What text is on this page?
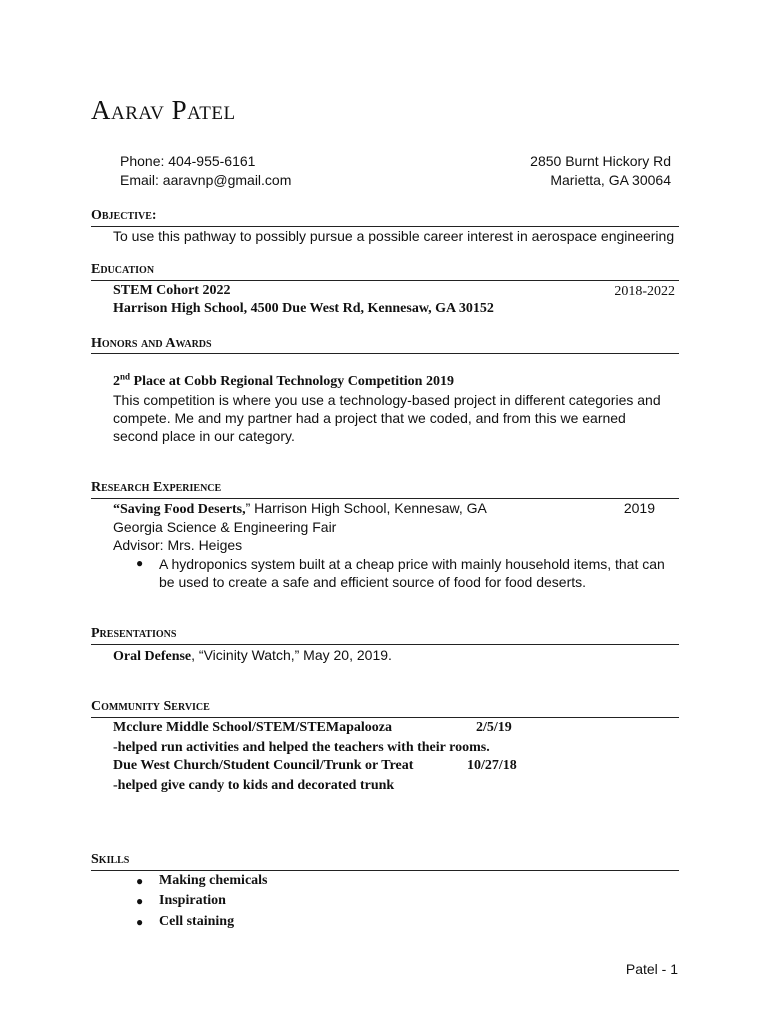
Aarav Patel
Phone: 404-955-6161
Email: aaravnp@gmail.com
2850 Burnt Hickory Rd
Marietta, GA 30064
Objective:
To use this pathway to possibly pursue a possible career interest in aerospace engineering
Education
STEM Cohort 2022	2018-2022
Harrison High School, 4500 Due West Rd, Kennesaw, GA 30152
Honors and Awards
2nd Place at Cobb Regional Technology Competition 2019
This competition is where you use a technology-based project in different categories and compete. Me and my partner had a project that we coded, and from this we earned second place in our category.
Research Experience
“Saving Food Deserts,” Harrison High School, Kennesaw, GA	2019
Georgia Science & Engineering Fair
Advisor: Mrs. Heiges
● A hydroponics system built at a cheap price with mainly household items, that can be used to create a safe and efficient source of food for food deserts.
Presentations
Oral Defense, “Vicinity Watch,” May 20, 2019.
Community Service
Mcclure Middle School/STEM/STEMapalooza	2/5/19
-helped run activities and helped the teachers with their rooms.
Due West Church/Student Council/Trunk or Treat	10/27/18
-helped give candy to kids and decorated trunk
Skills
● Making chemicals
● Inspiration
● Cell staining
Patel - 1
